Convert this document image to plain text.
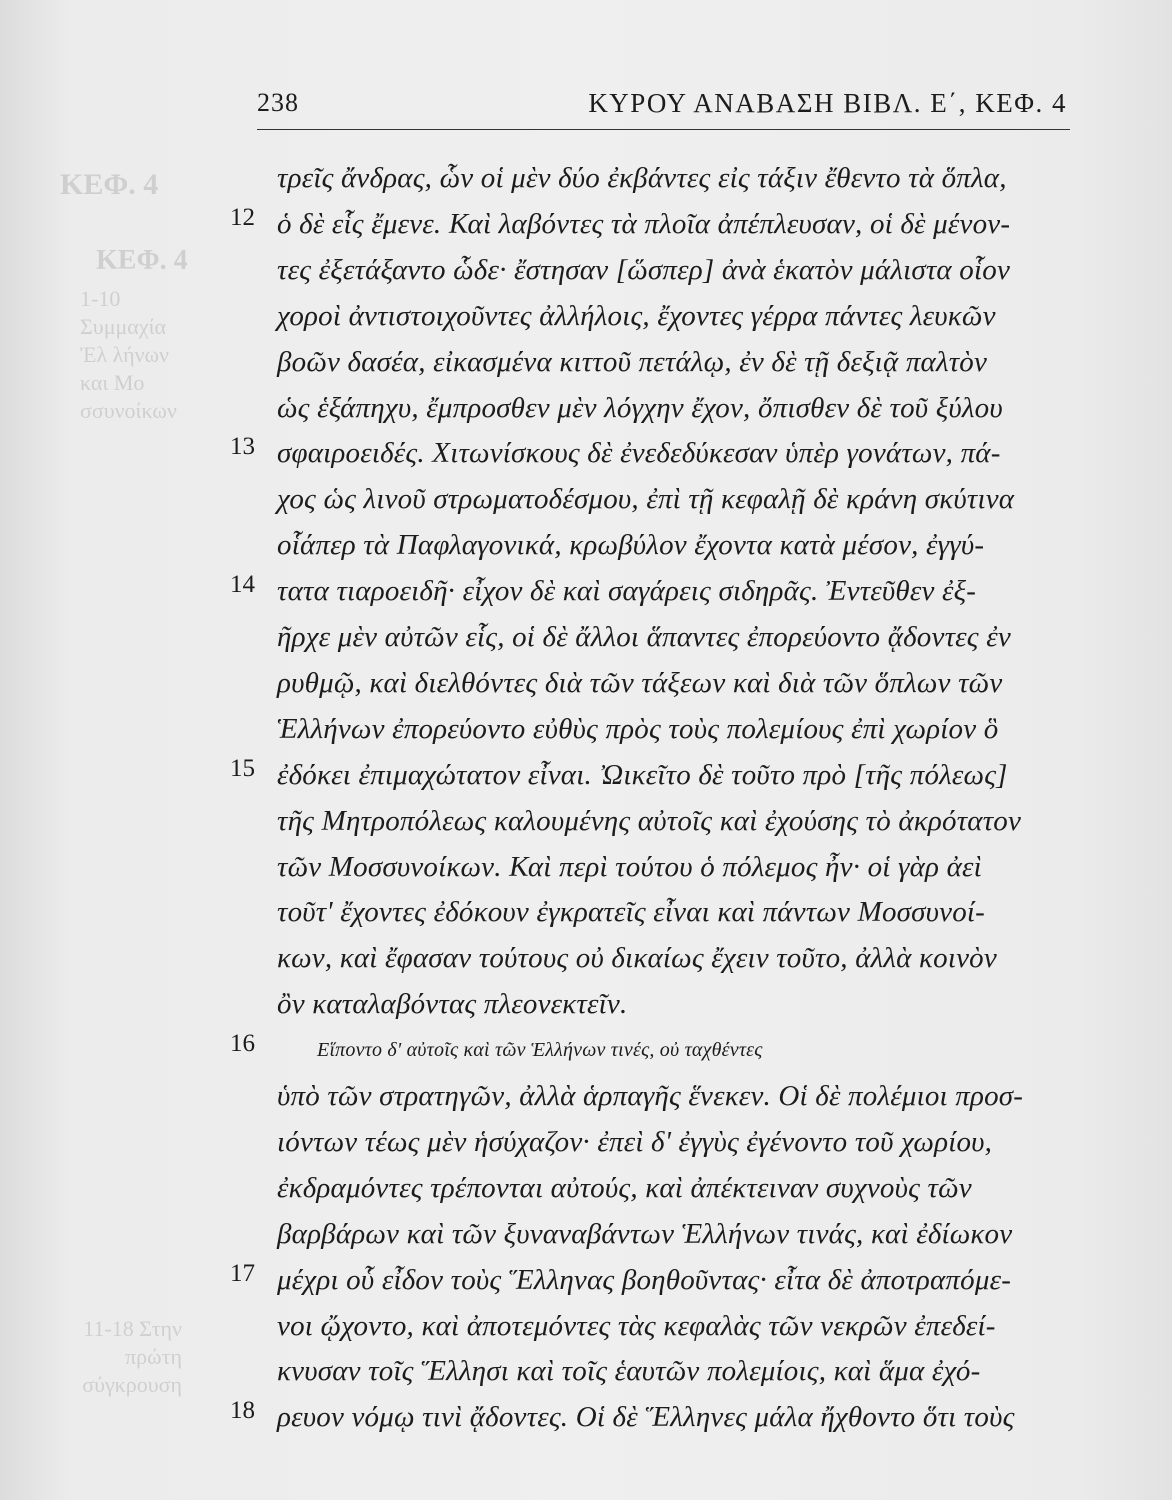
ΚΕΦ. 4
ΚΕΦ. 4
1-10 Συμμαχία Ἐλ λήνων και Μο σσυνοίκων
11-18 Στην πρώτη σύγκρουση
238	ΚΥΡΟΥ ΑΝΑΒΑΣΗ ΒΙΒΛ. Ε΄, ΚΕΦ. 4
τρεῖς ἄνδρας, ὧν οἱ μὲν δύο ἐκβάντες εἰς τάξιν ἔθεντο τὰ ὅπλα,
12 ὁ δὲ εἷς ἔμενε. Καὶ λαβόντες τὰ πλοῖα ἀπέπλευσαν, οἱ δὲ μένον-
τες ἐξετάξαντο ὧδε· ἔστησαν [ὥσπερ] ἀνὰ ἑκατὸν μάλιστα οἷον
χοροὶ ἀντιστοιχοῦντες ἀλλήλοις, ἔχοντες γέρρα πάντες λευκῶν
βοῶν δασέα, εἰκασμένα κιττοῦ πετάλῳ, ἐν δὲ τῇ δεξιᾷ παλτὸν
ὡς ἑξάπηχυ, ἔμπροσθεν μὲν λόγχην ἔχον, ὄπισθεν δὲ τοῦ ξύλου
13 σφαιροειδές. Χιτωνίσκους δὲ ἐνεδεδύκεσαν ὑπὲρ γονάτων, πά-
χος ὡς λινοῦ στρωματοδέσμου, ἐπὶ τῇ κεφαλῇ δὲ κράνη σκύτινα
οἷάπερ τὰ Παφλαγονικά, κρωβύλον ἔχοντα κατὰ μέσον, ἐγγύ-
14 τατα τιαροειδῆ· εἶχον δὲ καὶ σαγάρεις σιδηρᾶς. Ἐντεῦθεν ἐξ-
ῆρχε μὲν αὐτῶν εἷς, οἱ δὲ ἄλλοι ἅπαντες ἐπορεύοντο ᾄδοντες ἐν
ρυθμῷ, καὶ διελθόντες διὰ τῶν τάξεων καὶ διὰ τῶν ὅπλων τῶν
Ἑλλήνων ἐπορεύοντο εὐθὺς πρὸς τοὺς πολεμίους ἐπὶ χωρίον ὃ
15 ἐδόκει ἐπιμαχώτατον εἶναι. Ὠικεῖτο δὲ τοῦτο πρὸ [τῆς πόλεως]
τῆς Μητροπόλεως καλουμένης αὐτοῖς καὶ ἐχούσης τὸ ἀκρότατον
τῶν Μοσσυνοίκων. Καὶ περὶ τούτου ὁ πόλεμος ἦν· οἱ γὰρ ἀεὶ
τοῦτ' ἔχοντες ἐδόκουν ἐγκρατεῖς εἶναι καὶ πάντων Μοσσυνοί-
κων, καὶ ἔφασαν τούτους οὐ δικαίως ἔχειν τοῦτο, ἀλλὰ κοινὸν
ὂν καταλαβόντας πλεονεκτεῖν.
16	Εἵποντο δ' αὐτοῖς καὶ τῶν Ἑλλήνων τινές, οὐ ταχθέντες
ὑπὸ τῶν στρατηγῶν, ἀλλὰ ἁρπαγῆς ἕνεκεν. Οἱ δὲ πολέμιοι προσ-
ιόντων τέως μὲν ἡσύχαζον· ἐπεὶ δ' ἐγγὺς ἐγένοντο τοῦ χωρίου,
ἐκδραμόντες τρέπονται αὐτούς, καὶ ἀπέκτειναν συχνοὺς τῶν
βαρβάρων καὶ τῶν ξυναναβάντων Ἑλλήνων τινάς, καὶ ἐδίωκον
17 μέχρι οὗ εἶδον τοὺς Ἕλληνας βοηθοῦντας· εἶτα δὲ ἀποτραπόμε-
νοι ᾤχοντο, καὶ ἀποτεμόντες τὰς κεφαλὰς τῶν νεκρῶν ἐπεδεί-
κνυσαν τοῖς Ἕλλησι καὶ τοῖς ἑαυτῶν πολεμίοις, καὶ ἅμα ἐχό-
18 ρευον νόμῳ τινὶ ᾄδοντες. Οἱ δὲ Ἕλληνες μάλα ἤχθοντο ὅτι τοὺς
